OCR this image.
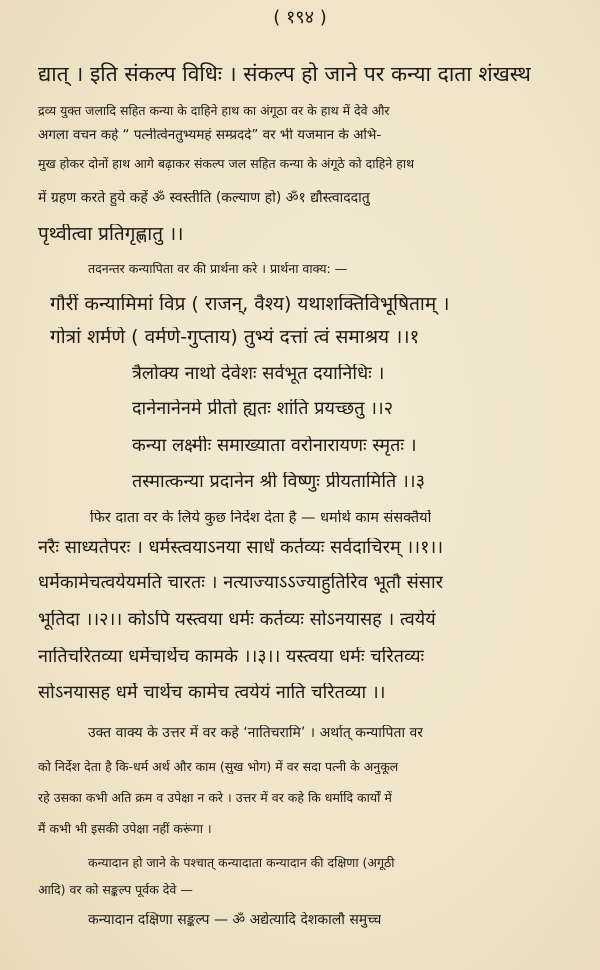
( १९४ )
द्यात् । इति संकल्प विधिः । संकल्प हो जाने पर कन्या दाता शंखस्थ
द्रव्य युक्त जलादि सहित कन्या के दाहिने हाथ का अंगूठा वर के हाथ में देवे और
अगला वचन कहे “ पत्नीत्वेनतुभ्यमहं सम्प्रददे” वर भी यजमान के अभि-
मुख होकर दोनों हाथ आगे बढ़ाकर संकल्प जल सहित कन्या के अंगूठे को दाहिने हाथ
में ग्रहण करते हुये कहें ॐ स्वस्तीति (कल्याण हो) ॐ१ द्यौस्त्वाददातु
पृथ्वीत्वा प्रतिगृह्णातु ।।
तदनन्तर कन्यापिता वर की प्रार्थना करे । प्रार्थना वाक्य: —
गौरीं कन्यामिमां विप्र ( राजन्, वैश्य) यथाशक्तिविभूषिताम् ।
गोत्रां शर्मणे ( वर्मणे-गुप्ताय) तुभ्यं दत्तां त्वं समाश्रय ।।१
त्रैलोक्य नाथो देवेशः सर्वभूत दयानिधिः ।
दानेनानेनमे प्रीतो ह्यतः शांति प्रयच्छतु ।।२
कन्या लक्ष्मीः समाख्याता वरोनारायणः स्मृतः ।
तस्मात्कन्या प्रदानेन श्री विष्णुः प्रीयतामिति ।।३
फिर दाता वर के लिये कुछ निर्देश देता है — धर्मार्थ काम संसक्तैर्यो
नरैः साध्यतेपरः । धर्मस्त्वयाऽनया सार्धं कर्तव्यः सर्वदाचिरम् ।।१।।
धर्मेकामेचत्वयेयमति चारतः । नत्याज्याऽऽज्याहुतिरिव भूतौ संसार
भूतिदा ।।२।। कोऽपि यस्त्वया धर्मः कर्तव्यः सोऽनयासह । त्वयेयं
नातिचरितव्या धर्मेचार्थेच कामके ।।३।। यस्त्वया धर्मः चरितव्यः
सोऽनयासह धर्मे चार्थेच कामेच त्वयेयं नाति चरितव्या ।।
उक्त वाक्य के उत्तर में वर कहे ‘नातिचरामि’ । अर्थात् कन्यापिता वर
को निर्देश देता है कि-धर्म अर्थ और काम (सुख भोग) में वर सदा पत्नी के अनुकूल
रहे उसका कभी अति क्रम व उपेक्षा न करे । उत्तर में वर कहे कि धर्मादि कार्यों में
मैं कभी भी इसकी उपेक्षा नहीं करूंगा ।
कन्यादान हो जाने के पश्चात् कन्यादाता कन्यादान की दक्षिणा (अगूठी
आदि) वर को सङ्कल्प पूर्वक देवे —
कन्यादान दक्षिणा सङ्कल्प — ॐ अद्येत्यादि देशकालौ समुच्च
